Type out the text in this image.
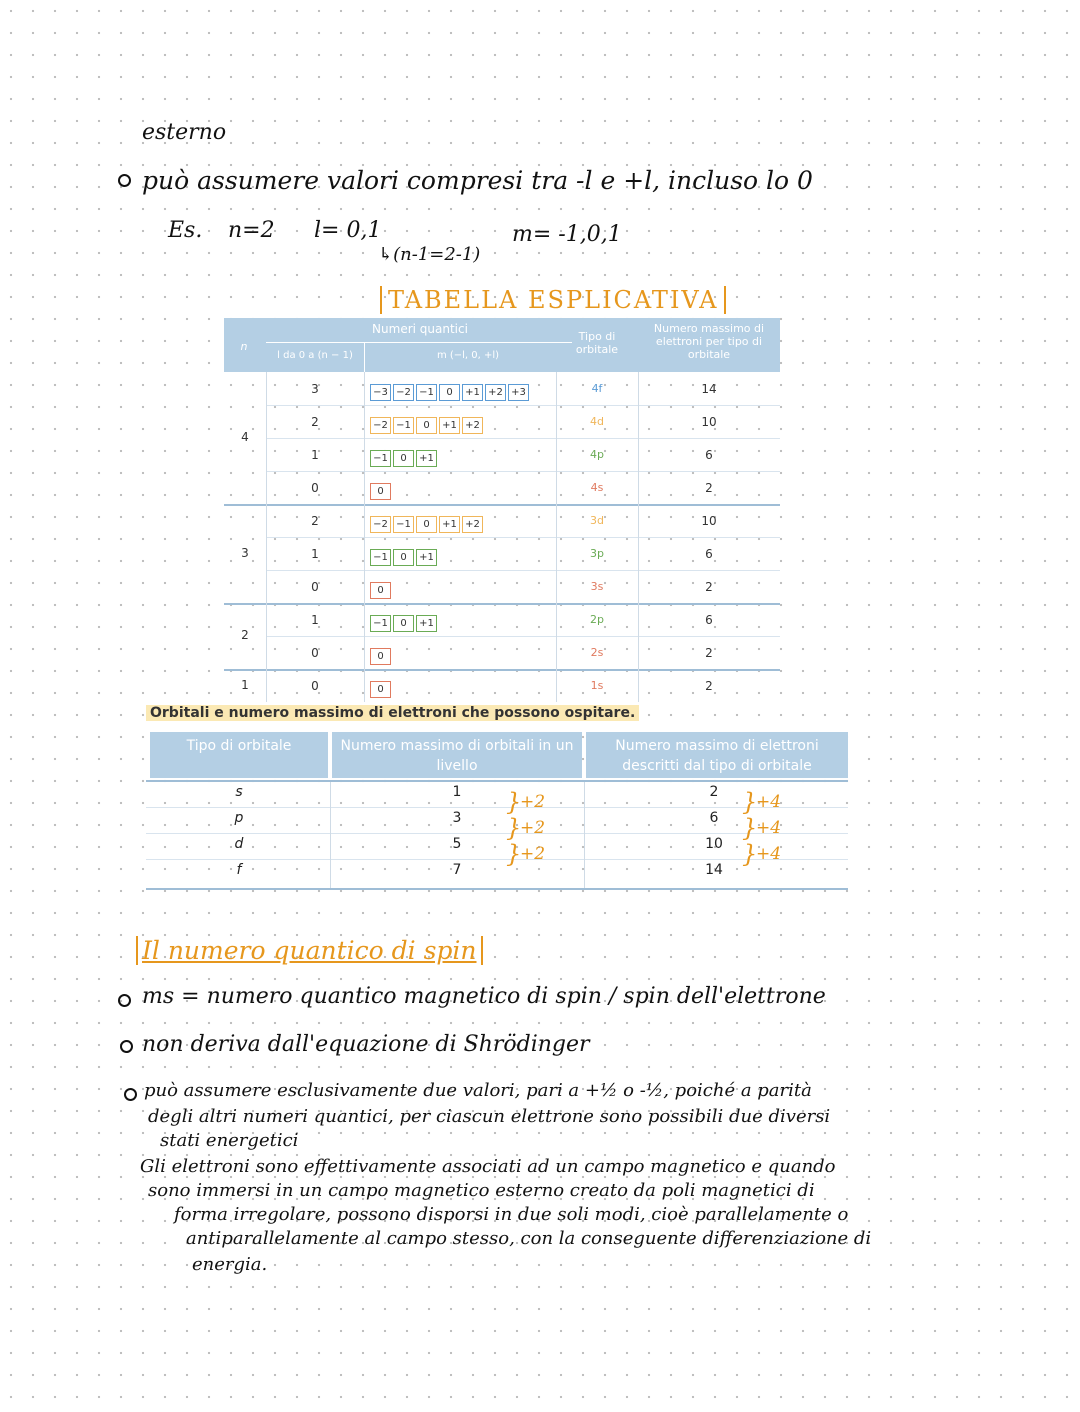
esterno
può assumere valori compresi tra -l e +l, incluso lo 0
Es. n=2 l= 0,1	m= -1,0,1
↳(n-1=2-1)
TABELLA ESPLICATIVA
n
Numeri quantici
l da 0 a (n − 1)	m (−l, 0, +l)
Tipo di orbitale
Numero massimo di elettroni per tipo di orbitale
3	−3 −2 −1 0 +1 +2 +3	4f	14
2	−2 −1 0 +1 +2	4d	10
1	−1 0 +1	4p	6
0	0	4s	2
4
2	−2 −1 0 +1 +2	3d	10
1	−1 0 +1	3p	6
0	0	3s	2
3
1	−1 0 +1	2p	6
0	0	2s	2
2
0	0	1s	2
1
Orbitali e numero massimo di elettroni che possono ospitare.
Tipo di orbitale	Numero massimo di orbitali in un livello
Numero massimo di elettroni descritti dal tipo di orbitale
s	1	2
p	3	6
d	5	10
f	7	14
}
+2
}
+2
}
+2
}
+4
}
+4
}
+4
Il numero quantico di spin
ms = numero quantico magnetico di spin / spin dell'elettrone
non deriva dall'equazione di Shrödinger
può assumere esclusivamente due valori, pari a +½ o -½, poiché a parità
degli altri numeri quantici, per ciascun elettrone sono possibili due diversi
stati energetici
Gli elettroni sono effettivamente associati ad un campo magnetico e quando
sono immersi in un campo magnetico esterno creato da poli magnetici di
forma irregolare, possono disporsi in due soli modi, cioè parallelamente o
antiparallelamente al campo stesso, con la conseguente differenziazione di
energia.
